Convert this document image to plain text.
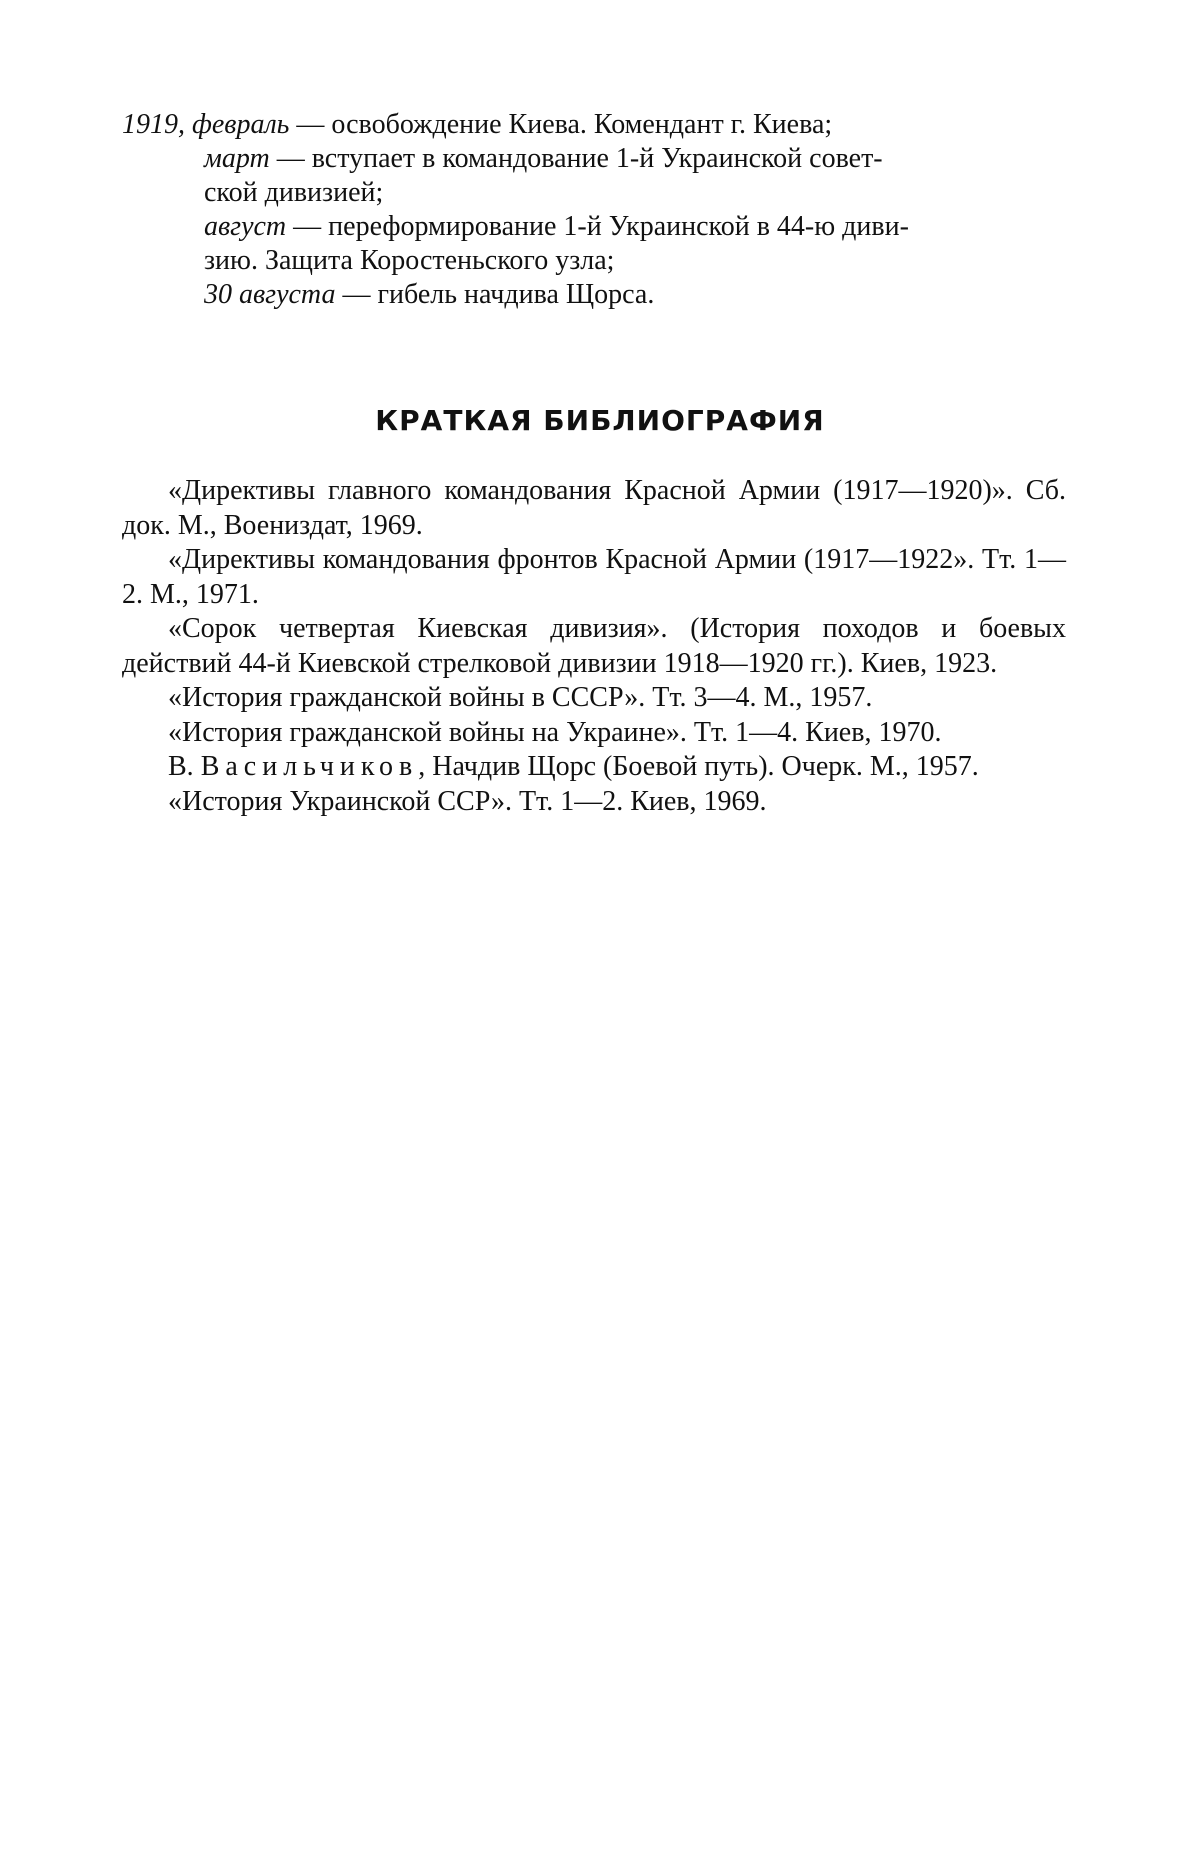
1919, февраль — освобождение Киева. Комендант г. Киева;

март — вступает в командование 1-й Украинской совет-

ской дивизией;

август — переформирование 1-й Украинской в 44-ю диви-

зию. Защита Коростеньского узла;

30 августа — гибель начдива Щорса.

КРАТКАЯ БИБЛИОГРАФИЯ

«Директивы главного командования Красной Армии (1917—1920)». Сб. док. М., Воениздат, 1969.

«Директивы командования фронтов Красной Армии (1917—1922». Тт. 1—2. М., 1971.

«Сорок четвертая Киевская дивизия». (История походов и боевых действий 44-й Киевской стрелковой дивизии 1918—1920 гг.). Киев, 1923.

«История гражданской войны в СССР». Тт. 3—4. М., 1957.

«История гражданской войны на Украине». Тт. 1—4. Киев, 1970.

В. Васильчиков, Начдив Щорс (Боевой путь). Очерк. М., 1957.

«История Украинской ССР». Тт. 1—2. Киев, 1969.
